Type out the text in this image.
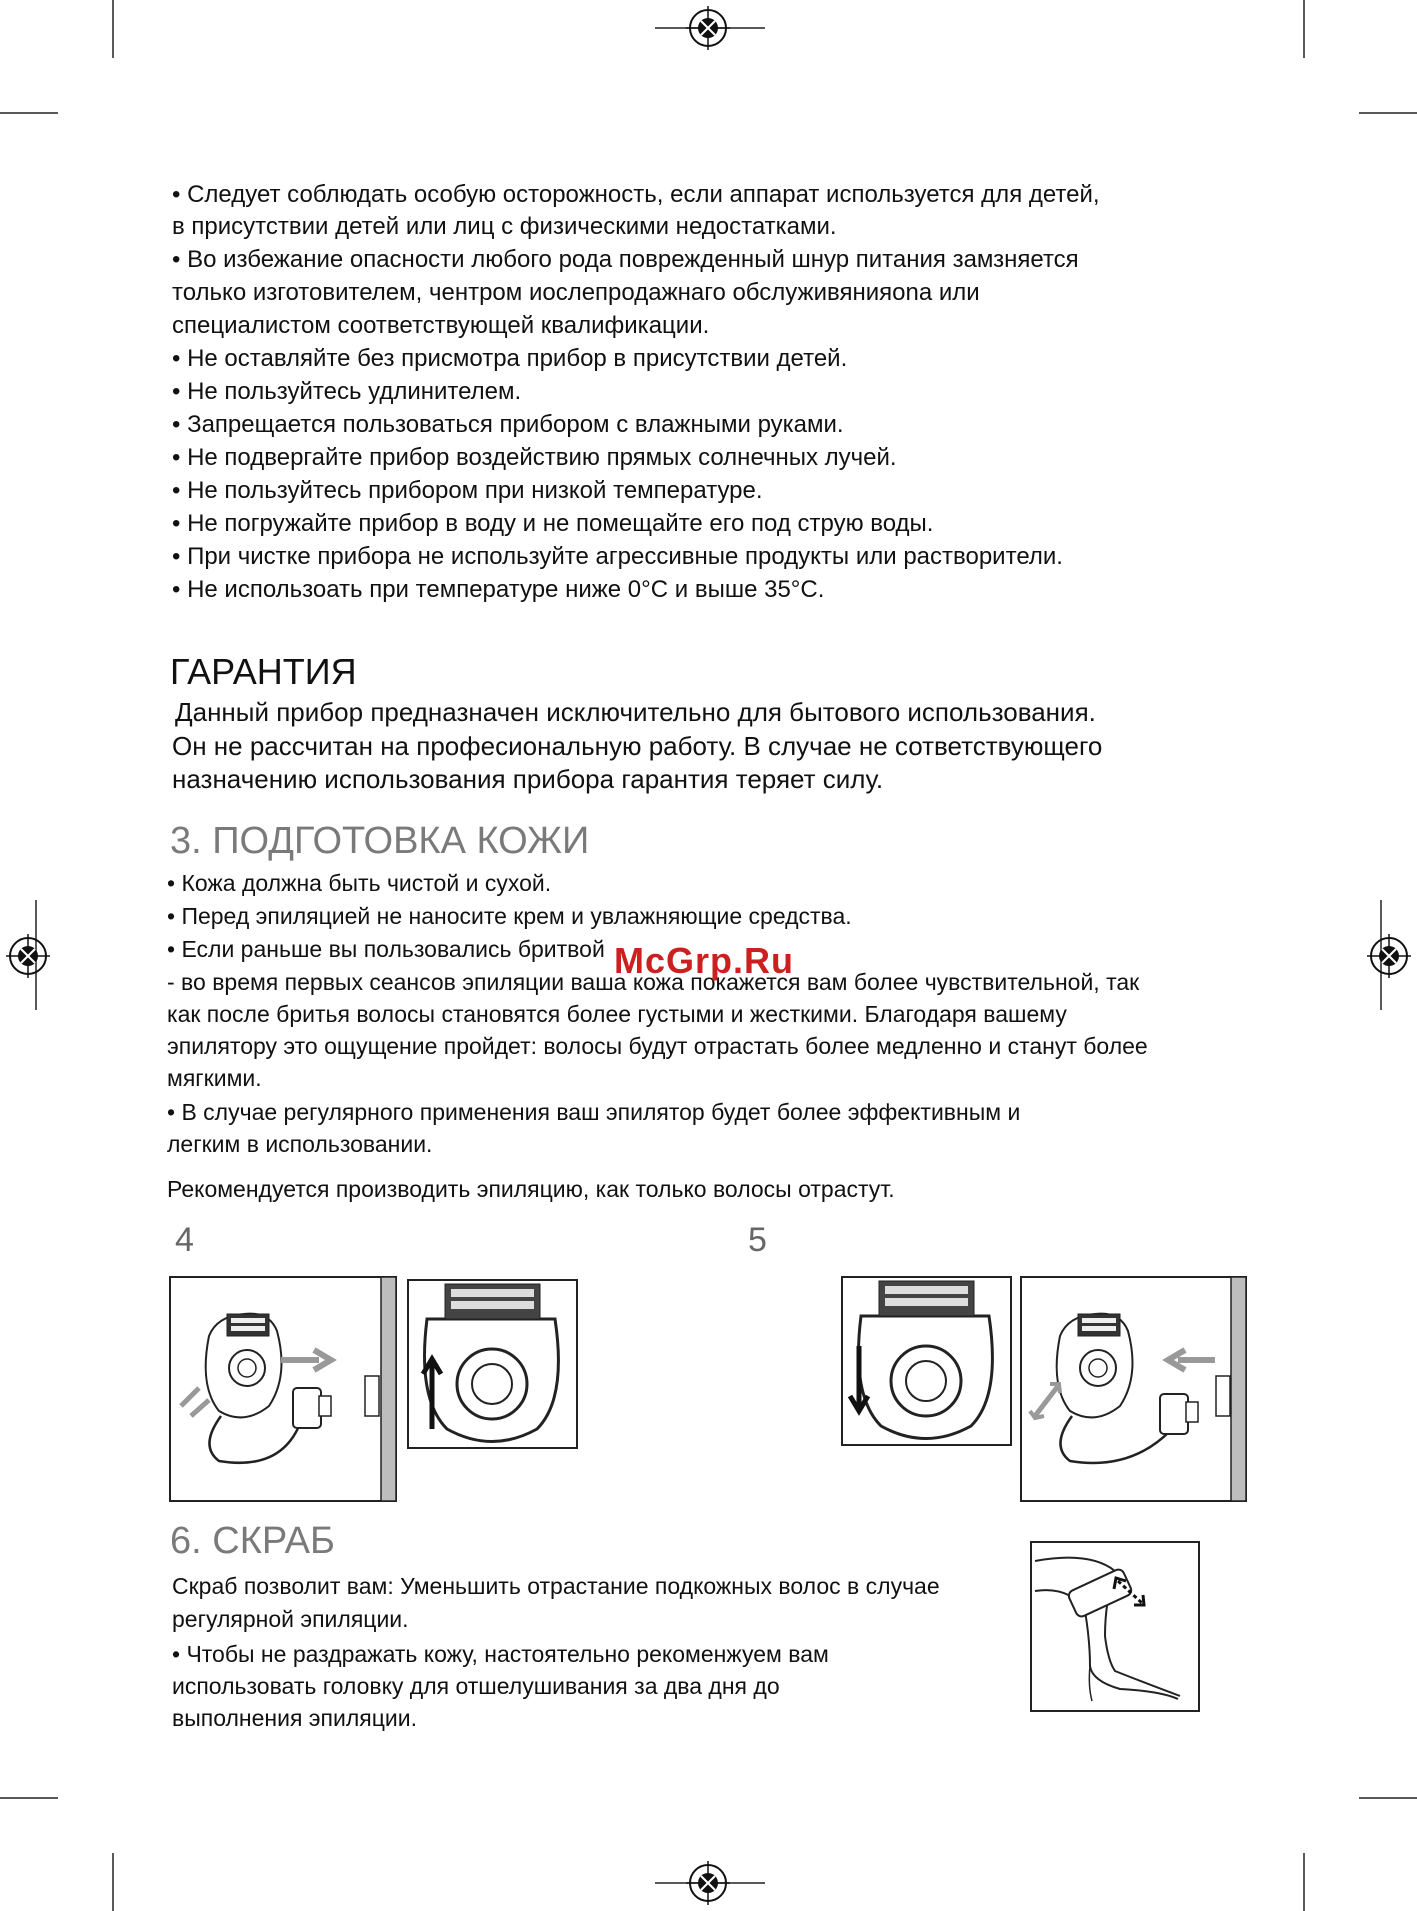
• Следует соблюдать особую осторожность, если аппарат используется для детей,
в присутствии детей или лиц с физическими недостатками.
• Во избежание опасности любого рода поврежденный шнур питания замзняется
только изготовителем, чентром иослепродажнаго обслуживянияоna или
специалистом соответствующей квалификации.
• Не оставляйте без присмотра прибор в присутствии детей.
• Не пользуйтесь удлинителем.
• Запрещается пользоваться прибором с влажными руками.
• Не подвергайте прибор воздействию прямых солнечных лучей.
• Не пользуйтесь прибором при низкой температуре.
• Не погружайте прибор в воду и не помещайте его под струю воды.
• При чистке прибора не используйте агрессивные продукты или растворители.
• Не использоать при температуре ниже 0°C и выше 35°C.
ГАРАНТИЯ
Данный прибор предназначен исключительно для бытового использования.
Он не рассчитан на професиональную работу. В случае не сответствующего
назначению использования прибора гарантия теряет силу.
3. ПОДГОТОВКА КОЖИ
• Кожа должна быть чистой и сухой.
• Перед эпиляцией не наносите крем и увлажняющие средства.
• Если раньше вы пользовались бритвой
- во время первых сеансов эпиляции ваша кожа покажется вам более чувствительной, так
как после бритья волосы становятся более густыми и жесткими. Благодаря вашему
эпилятору это ощущение пройдет: волосы будут отрастать более медленно и станут более
мягкими.
• В случае регулярного применения ваш эпилятор будет более эффективным и
легким в использовании.
Рекомендуется производить эпиляцию, как только волосы отрастут.
McGrp.Ru
4	5
6. СКРАБ
Скраб позволит вам: Уменьшить отрастание подкожных волос в случае
регулярной эпиляции.
• Чтобы не раздражать кожу, настоятельно рекоменжуем вам
использовать головку для отшелушивания за два дня до
выполнения эпиляции.
